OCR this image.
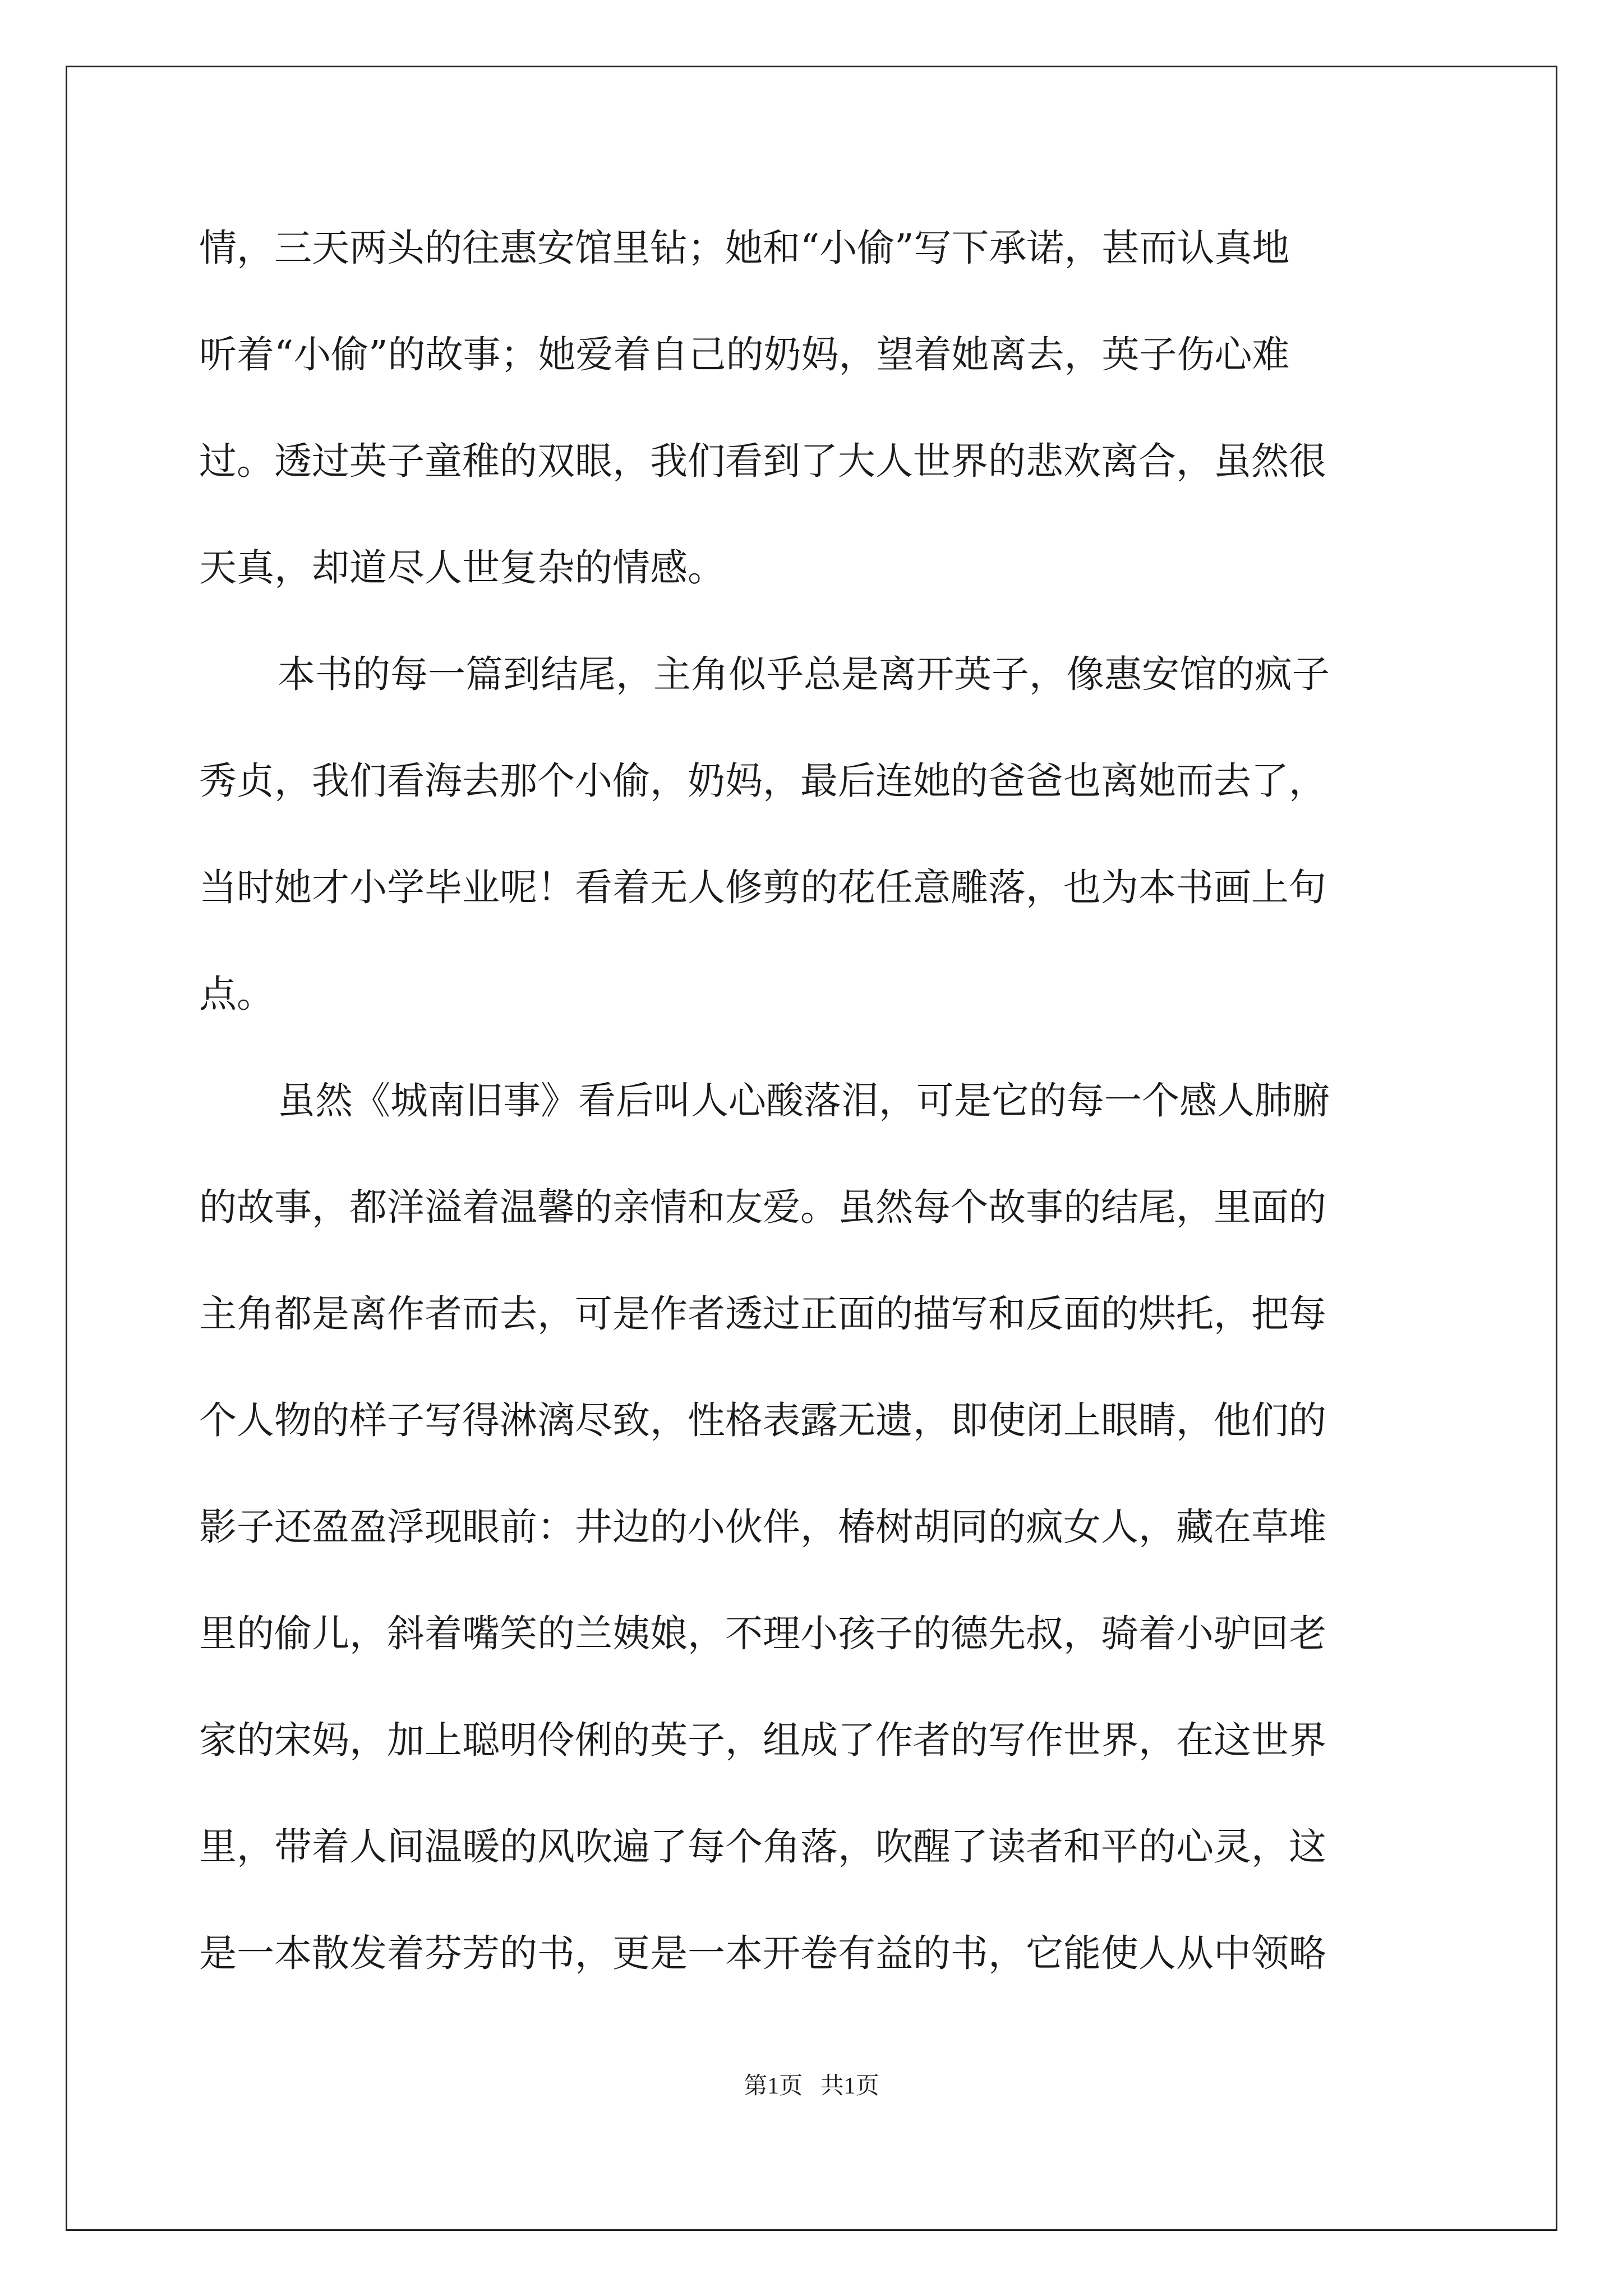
情，三天两头的往惠安馆里钻；她和“小偷”写下承诺，甚而认真地
听着“小偷”的故事；她爱着自己的奶妈，望着她离去，英子伤心难
过。透过英子童稚的双眼，我们看到了大人世界的悲欢离合，虽然很
天真，却道尽人世复杂的情感。
本书的每一篇到结尾，主角似乎总是离开英子，像惠安馆的疯子
秀贞，我们看海去那个小偷，奶妈，最后连她的爸爸也离她而去了，
当时她才小学毕业呢！看着无人修剪的花任意雕落，也为本书画上句
点。
虽然《城南旧事》看后叫人心酸落泪，可是它的每一个感人肺腑
的故事，都洋溢着温馨的亲情和友爱。虽然每个故事的结尾，里面的
主角都是离作者而去，可是作者透过正面的描写和反面的烘托，把每
个人物的样子写得淋漓尽致，性格表露无遗，即使闭上眼睛，他们的
影子还盈盈浮现眼前：井边的小伙伴，椿树胡同的疯女人，藏在草堆
里的偷儿，斜着嘴笑的兰姨娘，不理小孩子的德先叔，骑着小驴回老
家的宋妈，加上聪明伶俐的英子，组成了作者的写作世界，在这世界
里，带着人间温暖的风吹遍了每个角落，吹醒了读者和平的心灵，这
是一本散发着芬芳的书，更是一本开卷有益的书，它能使人从中领略
第1页   共1页
